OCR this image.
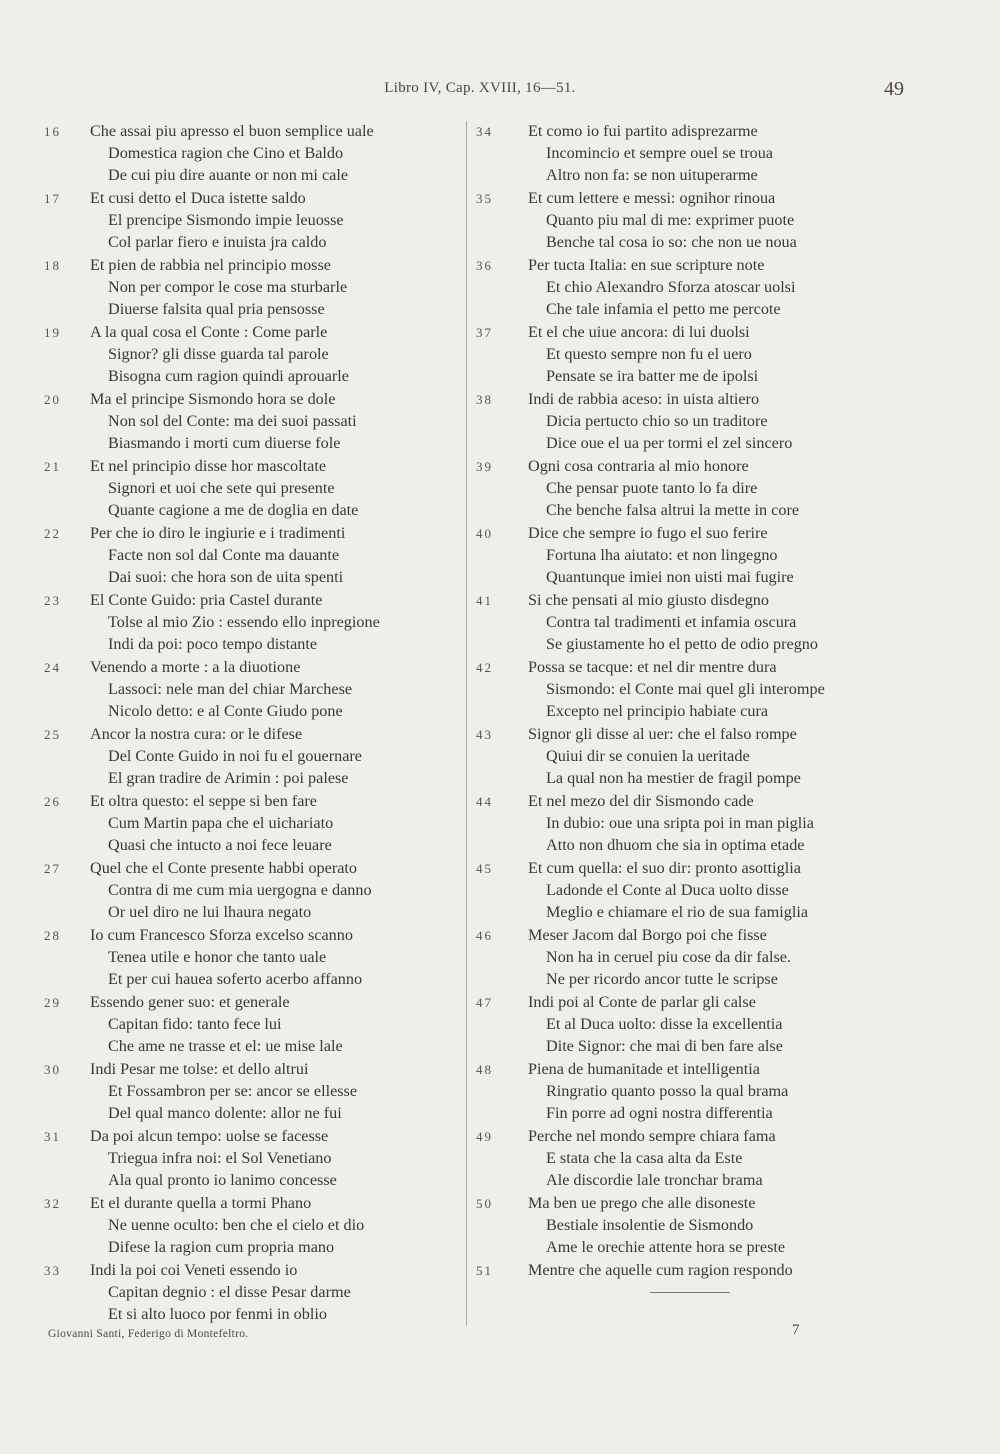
Libro IV, Cap. XVIII, 16—51.	49
16	Che assai piu apresso el buon semplice uale
Domestica ragion che Cino et Baldo
De cui piu dire auante or non mi cale
17	Et cusi detto el Duca istette saldo
El prencipe Sismondo impie leuosse
Col parlar fiero e inuista jra caldo
18	Et pien de rabbia nel principio mosse
Non per compor le cose ma sturbarle
Diuerse falsita qual pria pensosse
19	A la qual cosa el Conte : Come parle
Signor? gli disse guarda tal parole
Bisogna cum ragion quindi aprouarle
20	Ma el principe Sismondo hora se dole
Non sol del Conte: ma dei suoi passati
Biasmando i morti cum diuerse fole
21	Et nel principio disse hor mascoltate
Signori et uoi che sete qui presente
Quante cagione a me de doglia en date
22	Per che io diro le ingiurie e i tradimenti
Facte non sol dal Conte ma dauante
Dai suoi: che hora son de uita spenti
23	El Conte Guido: pria Castel durante
Tolse al mio Zio : essendo ello inpregione
Indi da poi: poco tempo distante
24	Venendo a morte : a la diuotione
Lassoci: nele man del chiar Marchese
Nicolo detto: e al Conte Giudo pone
25	Ancor la nostra cura: or le difese
Del Conte Guido in noi fu el gouernare
El gran tradire de Arimin : poi palese
26	Et oltra questo: el seppe si ben fare
Cum Martin papa che el uichariato
Quasi che intucto a noi fece leuare
27	Quel che el Conte presente habbi operato
Contra di me cum mia uergogna e danno
Or uel diro ne lui lhaura negato
28	Io cum Francesco Sforza excelso scanno
Tenea utile e honor che tanto uale
Et per cui hauea soferto acerbo affanno
29	Essendo gener suo: et generale
Capitan fido: tanto fece lui
Che ame ne trasse et el: ue mise lale
30	Indi Pesar me tolse: et dello altrui
Et Fossambron per se: ancor se ellesse
Del qual manco dolente: allor ne fui
31	Da poi alcun tempo: uolse se facesse
Triegua infra noi: el Sol Venetiano
Ala qual pronto io lanimo concesse
32	Et el durante quella a tormi Phano
Ne uenne oculto: ben che el cielo et dio
Difese la ragion cum propria mano
33	Indi la poi coi Veneti essendo io
Capitan degnio : el disse Pesar darme
Et si alto luoco por fenmi in oblio
34	Et como io fui partito adisprezarme
Incomincio et sempre ouel se troua
Altro non fa: se non uituperarme
35	Et cum lettere e messi: ognihor rinoua
Quanto piu mal di me: exprimer puote
Benche tal cosa io so: che non ue noua
36	Per tucta Italia: en sue scripture note
Et chio Alexandro Sforza atoscar uolsi
Che tale infamia el petto me percote
37	Et el che uiue ancora: di lui duolsi
Et questo sempre non fu el uero
Pensate se ira batter me de ipolsi
38	Indi de rabbia aceso: in uista altiero
Dicia pertucto chio so un traditore
Dice oue el ua per tormi el zel sincero
39	Ogni cosa contraria al mio honore
Che pensar puote tanto lo fa dire
Che benche falsa altrui la mette in core
40	Dice che sempre io fugo el suo ferire
Fortuna lha aiutato: et non lingegno
Quantunque imiei non uisti mai fugire
41	Si che pensati al mio giusto disdegno
Contra tal tradimenti et infamia oscura
Se giustamente ho el petto de odio pregno
42	Possa se tacque: et nel dir mentre dura
Sismondo: el Conte mai quel gli interompe
Excepto nel principio habiate cura
43	Signor gli disse al uer: che el falso rompe
Quiui dir se conuien la ueritade
La qual non ha mestier de fragil pompe
44	Et nel mezo del dir Sismondo cade
In dubio: oue una sripta poi in man piglia
Atto non dhuom che sia in optima etade
45	Et cum quella: el suo dir: pronto asottiglia
Ladonde el Conte al Duca uolto disse
Meglio e chiamare el rio de sua famiglia
46	Meser Jacom dal Borgo poi che fisse
Non ha in ceruel piu cose da dir false.
Ne per ricordo ancor tutte le scripse
47	Indi poi al Conte de parlar gli calse
Et al Duca uolto: disse la excellentia
Dite Signor: che mai di ben fare alse
48	Piena de humanitade et intelligentia
Ringratio quanto posso la qual brama
Fin porre ad ogni nostra differentia
49	Perche nel mondo sempre chiara fama
E stata che la casa alta da Este
Ale discordie lale tronchar brama
50	Ma ben ue prego che alle disoneste
Bestiale insolentie de Sismondo
Ame le orechie attente hora se preste
51	Mentre che aquelle cum ragion respondo
Giovanni Santi, Federigo di Montefeltro.	7
